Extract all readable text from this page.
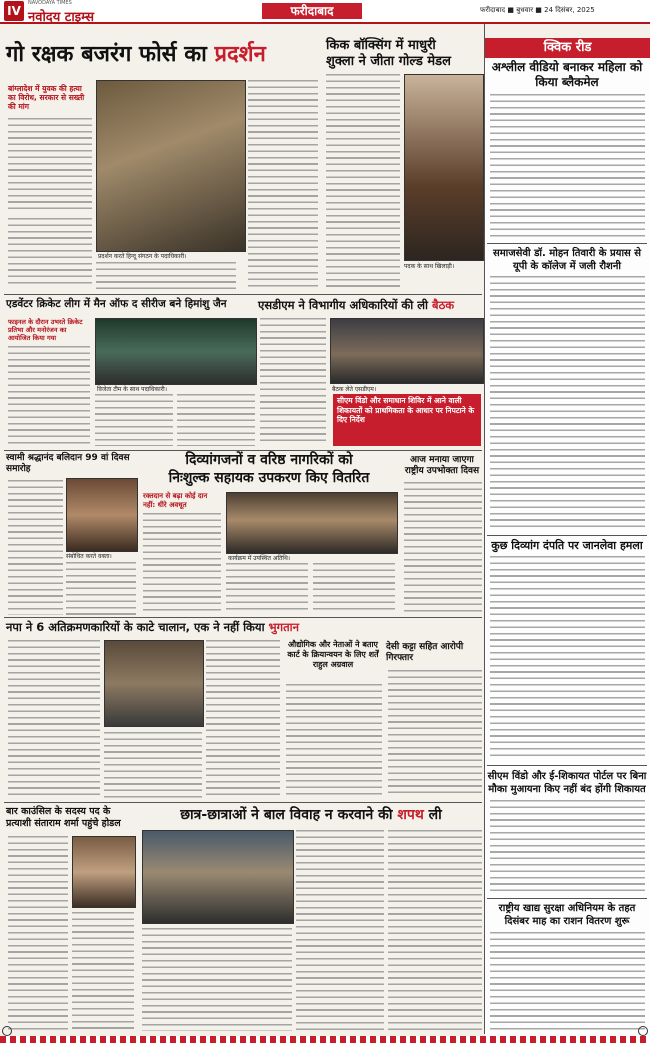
IV
NAVODAYA TIMES
नवोदय टाइम्स	फरीदाबाद	फरीदाबाद ■ बुधवार ■ 24 दिसंबर, 2025
क्विक रीड
अश्लील वीडियो बनाकर महिला को किया ब्लैकमेल
समाजसेवी डॉ. मोहन तिवारी के प्रयास से यूपी के कॉलेज में जली रौशनी
कुछ दिव्यांग दंपति पर जानलेवा हमला
सीएम विंडो और ई-शिकायत पोर्टल पर बिना मौका मुआयना किए नहीं बंद होंगी शिकायत
राष्ट्रीय खाद्य सुरक्षा अधिनियम के तहत दिसंबर माह का राशन वितरण शुरू
गो रक्षक बजरंग फोर्स का प्रदर्शन
बांग्लादेश में युवक की हत्या का विरोध, सरकार से सख्ती की मांग
प्रदर्शन करते हिन्दू संगठन के पदाधिकारी।
किक बॉक्सिंग में माधुरी
शुक्ला ने जीता गोल्ड मेडल
पदक के साथ खिलाड़ी।
एडवेंटर क्रिकेट लीग में मैन ऑफ द सीरीज बने हिमांशु जैन
फाइनल के दौरान उभरते क्रिकेट प्रतिभा और मनोरंजन का आयोजित किया गया
विजेता टीम के साथ पदाधिकारी।
एसडीएम ने विभागीय अधिकारियों की ली बैठक
बैठक लेते एसडीएम।
सीएम विंडो और समाधान शिविर में आने वाली शिकायतों को प्राथमिकता के आधार पर निपटाने के दिए निर्देश
स्वामी श्रद्धानंद बलिदान 99 वां दिवस समारोह
संबोधित करते वक्ता।
दिव्यांगजनों व वरिष्ठ नागरिकों को
निःशुल्क सहायक उपकरण किए वितरित
रक्तदान से बढ़ा कोई दान नहीं: धीरे अवधूत
कार्यक्रम में उपस्थित अतिथि।
आज मनाया जाएगा राष्ट्रीय उपभोक्ता दिवस
नपा ने 6 अतिक्रमणकारियों के काटे चालान, एक ने नहीं किया भुगतान
औद्योगिक और नेताओं ने बताए कार्ट के क्रियान्वयन के लिए शर्तें राहुल अग्रवाल
देसी कट्टा सहित आरोपी गिरफ्तार
बार काउंसिल के सदस्य पद के प्रत्याशी संताराम शर्मा पहुंचे होडल
छात्र-छात्राओं ने बाल विवाह न करवाने की शपथ ली
